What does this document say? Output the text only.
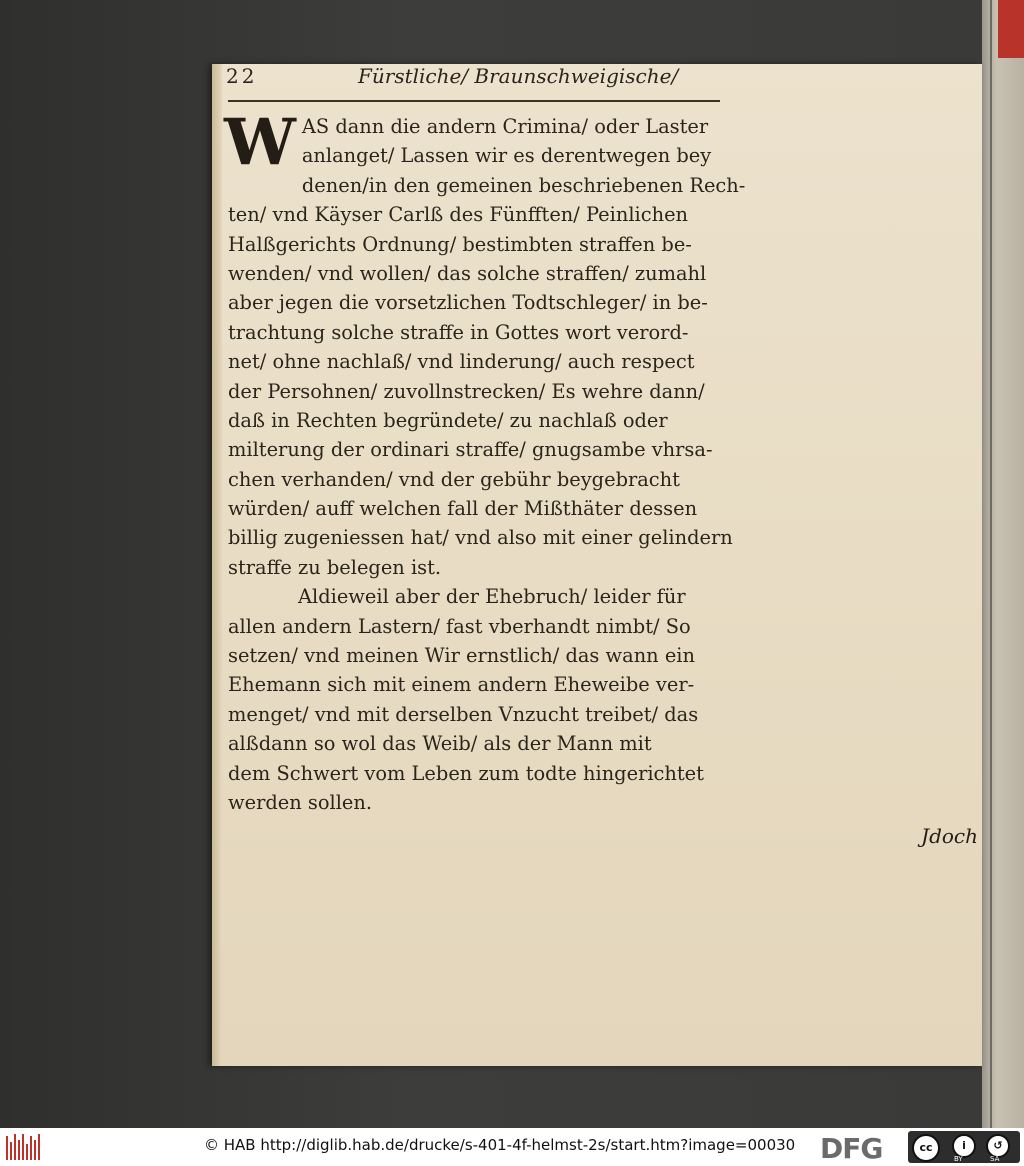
22	Fürstliche/ Braunschweigische/
W AS dann die andern Crimina/ oder Laster
anlanget/ Lassen wir es derentwegen bey
denen/in den gemeinen beschriebenen Rech-
ten/ vnd Käyser Carlß des Fünfften/ Peinlichen
Halßgerichts Ordnung/ bestimbten straffen be-
wenden/ vnd wollen/ das solche straffen/ zumahl
aber jegen die vorsetzlichen Todtschleger/ in be-
trachtung solche straffe in Gottes wort verord-
net/ ohne nachlaß/ vnd linderung/ auch respect
der Persohnen/ zuvollnstrecken/ Es wehre dann/
daß in Rechten begründete/ zu nachlaß oder
milterung der ordinari straffe/ gnugsambe vhrsa-
chen verhanden/ vnd der gebühr beygebracht
würden/ auff welchen fall der Mißthäter dessen
billig zugeniessen hat/ vnd also mit einer gelindern
straffe zu belegen ist.
Aldieweil aber der Ehebruch/ leider für
allen andern Lastern/ fast vberhandt nimbt/ So
setzen/ vnd meinen Wir ernstlich/ das wann ein
Ehemann sich mit einem andern Eheweibe ver-
menget/ vnd mit derselben Vnzucht treibet/ das
alßdann so wol das Weib/ als der Mann mit
dem Schwert vom Leben zum todte hingerichtet
werden sollen.
Jdoch
© HAB http://diglib.hab.de/drucke/s-401-4f-helmst-2s/start.htm?image=00030 DFG	cc	i
BY
↺
SA
